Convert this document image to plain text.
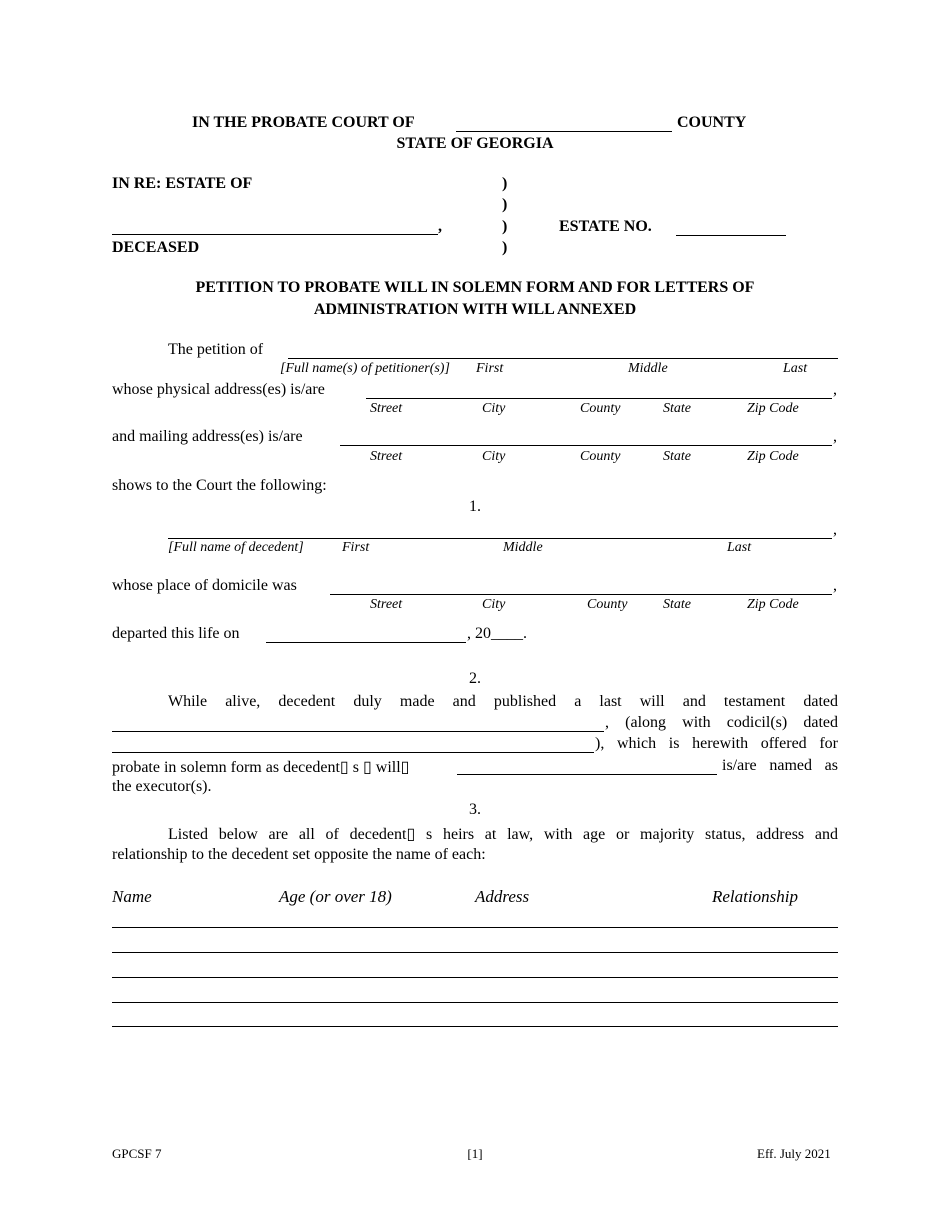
IN THE PROBATE COURT OF	COUNTY
STATE OF GEORGIA
IN RE: ESTATE OF
,
DECEASED
)
)
)
)
ESTATE NO.
PETITION TO PROBATE WILL IN SOLEMN FORM AND FOR LETTERS OF
ADMINISTRATION WITH WILL ANNEXED
The petition of
[Full name(s) of petitioner(s)] First	Middle	Last
whose physical address(es) is/are	,
Street	City	County	State	Zip Code
and mailing address(es) is/are	,
Street	City	County	State	Zip Code
shows to the Court the following:
1.
,
[Full name of decedent]	First	Middle	Last
whose place of domicile was	,
Street	City	County	State	Zip Code
departed this life on	, 20____.
2.
While alive, decedent duly made and published a last will and testament dated
, (along with codicil(s) dated
), which is herewith offered for
probate in solemn form as decedent▯ s ▯ will▯	is/are named as
the executor(s).
3.
Listed below are all of decedent▯ s heirs at law, with age or majority status, address and
relationship to the decedent set opposite the name of each:
Name	Age (or over 18)	Address	Relationship
GPCSF 7	[1]	Eff. July 2021
